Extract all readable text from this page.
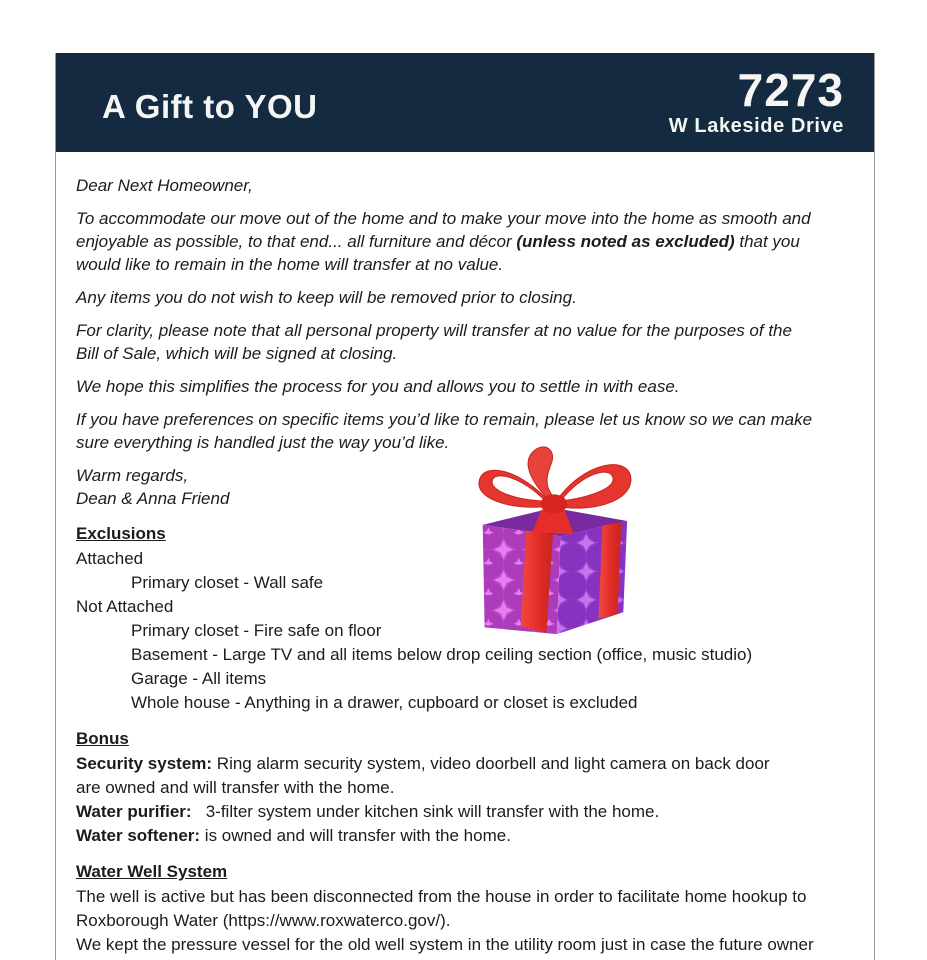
A Gift to YOU	7273
W Lakeside Drive

Dear Next Homeowner,

To accommodate our move out of the home and to make your move into the home as smooth and enjoyable as possible, to that end... all furniture and décor (unless noted as excluded) that you would like to remain in the home will transfer at no value.

Any items you do not wish to keep will be removed prior to closing.

For clarity, please note that all personal property will transfer at no value for the purposes of the Bill of Sale, which will be signed at closing.

We hope this simplifies the process for you and allows you to settle in with ease.

If you have preferences on specific items you’d like to remain, please let us know so we can make sure everything is handled just the way you’d like.

Warm regards,
Dean & Anna Friend

Exclusions
Attached
Primary closet - Wall safe
Not Attached
Primary closet - Fire safe on floor
Basement - Large TV and all items below drop ceiling section (office, music studio)
Garage - All items
Whole house - Anything in a drawer, cupboard or closet is excluded
Bonus

Security system: Ring alarm security system, video doorbell and light camera on back door         are owned and will transfer with the home.

Water purifier:   3-filter system under kitchen sink will transfer with the home.

Water softener: is owned and will transfer with the home.

Water Well System

The well is active but has been disconnected from the house in order to facilitate home hookup to Roxborough Water (https://www.roxwaterco.gov/).

We kept the pressure vessel for the old well system in the utility room just in case the future owner
